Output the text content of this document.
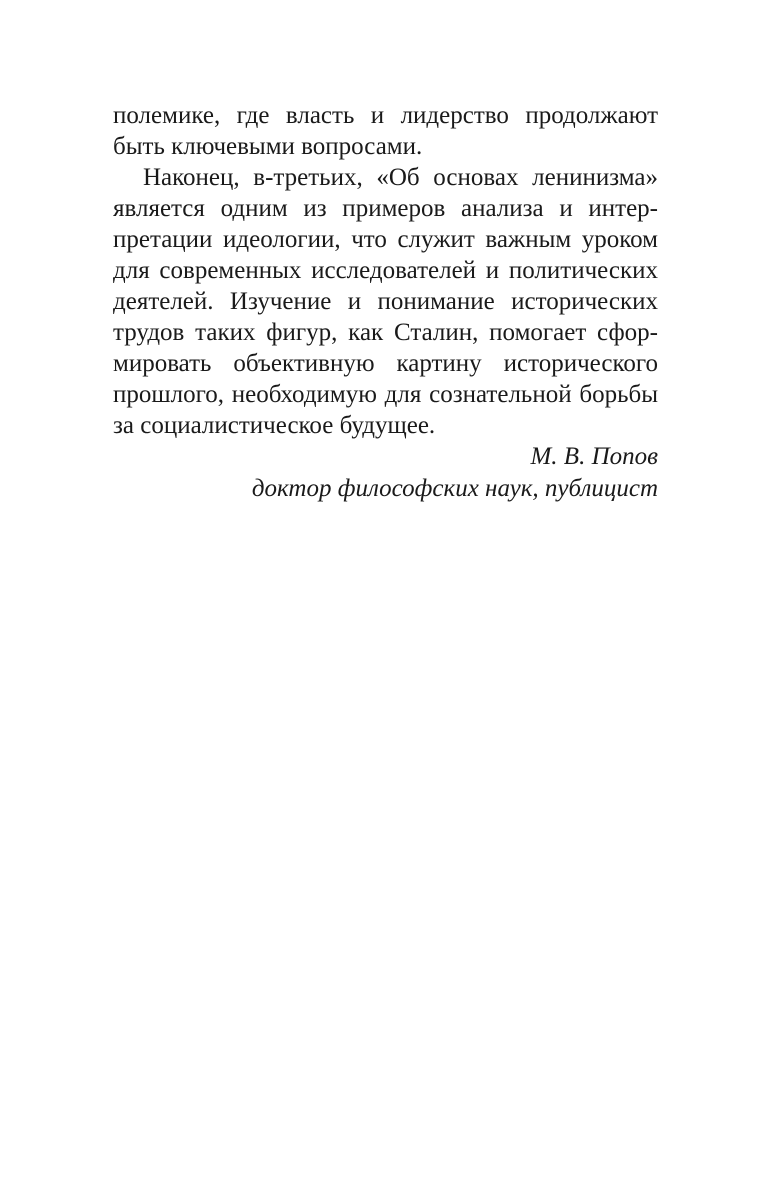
полемике, где власть и лидерство продолжают
быть ключевыми вопросами.
Наконец, в-третьих, «Об основах ленинизма»
является одним из примеров анализа и интер-
претации идеологии, что служит важным уроком
для современных исследователей и политических
деятелей. Изучение и понимание исторических
трудов таких фигур, как Сталин, помогает сфор-
мировать объективную картину исторического
прошлого, необходимую для сознательной борьбы
за социалистическое будущее.
М. В. Попов
доктор философских наук, публицист
